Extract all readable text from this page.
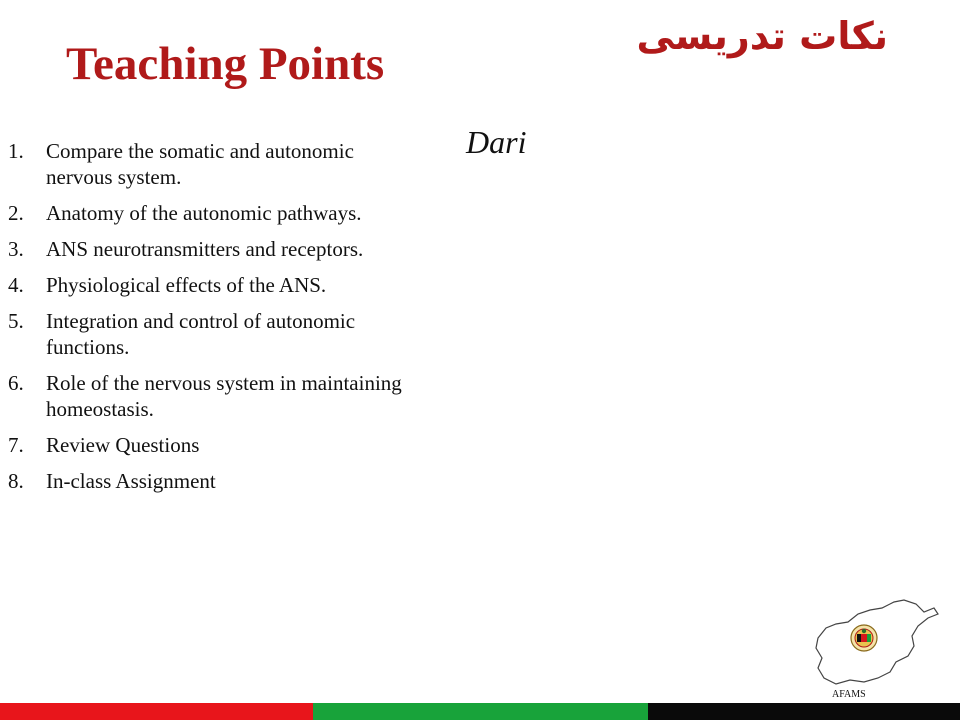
Teaching Points
نکات تدریسی
Dari
1.	Compare the somatic and autonomic nervous system.
2.	Anatomy of the autonomic pathways.
3.	ANS neurotransmitters and receptors.
4.	Physiological effects of the ANS.
5.	Integration and control of autonomic functions.
6.	Role of the nervous system in maintaining homeostasis.
7.	Review Questions
8.	In-class Assignment
AFAMS
